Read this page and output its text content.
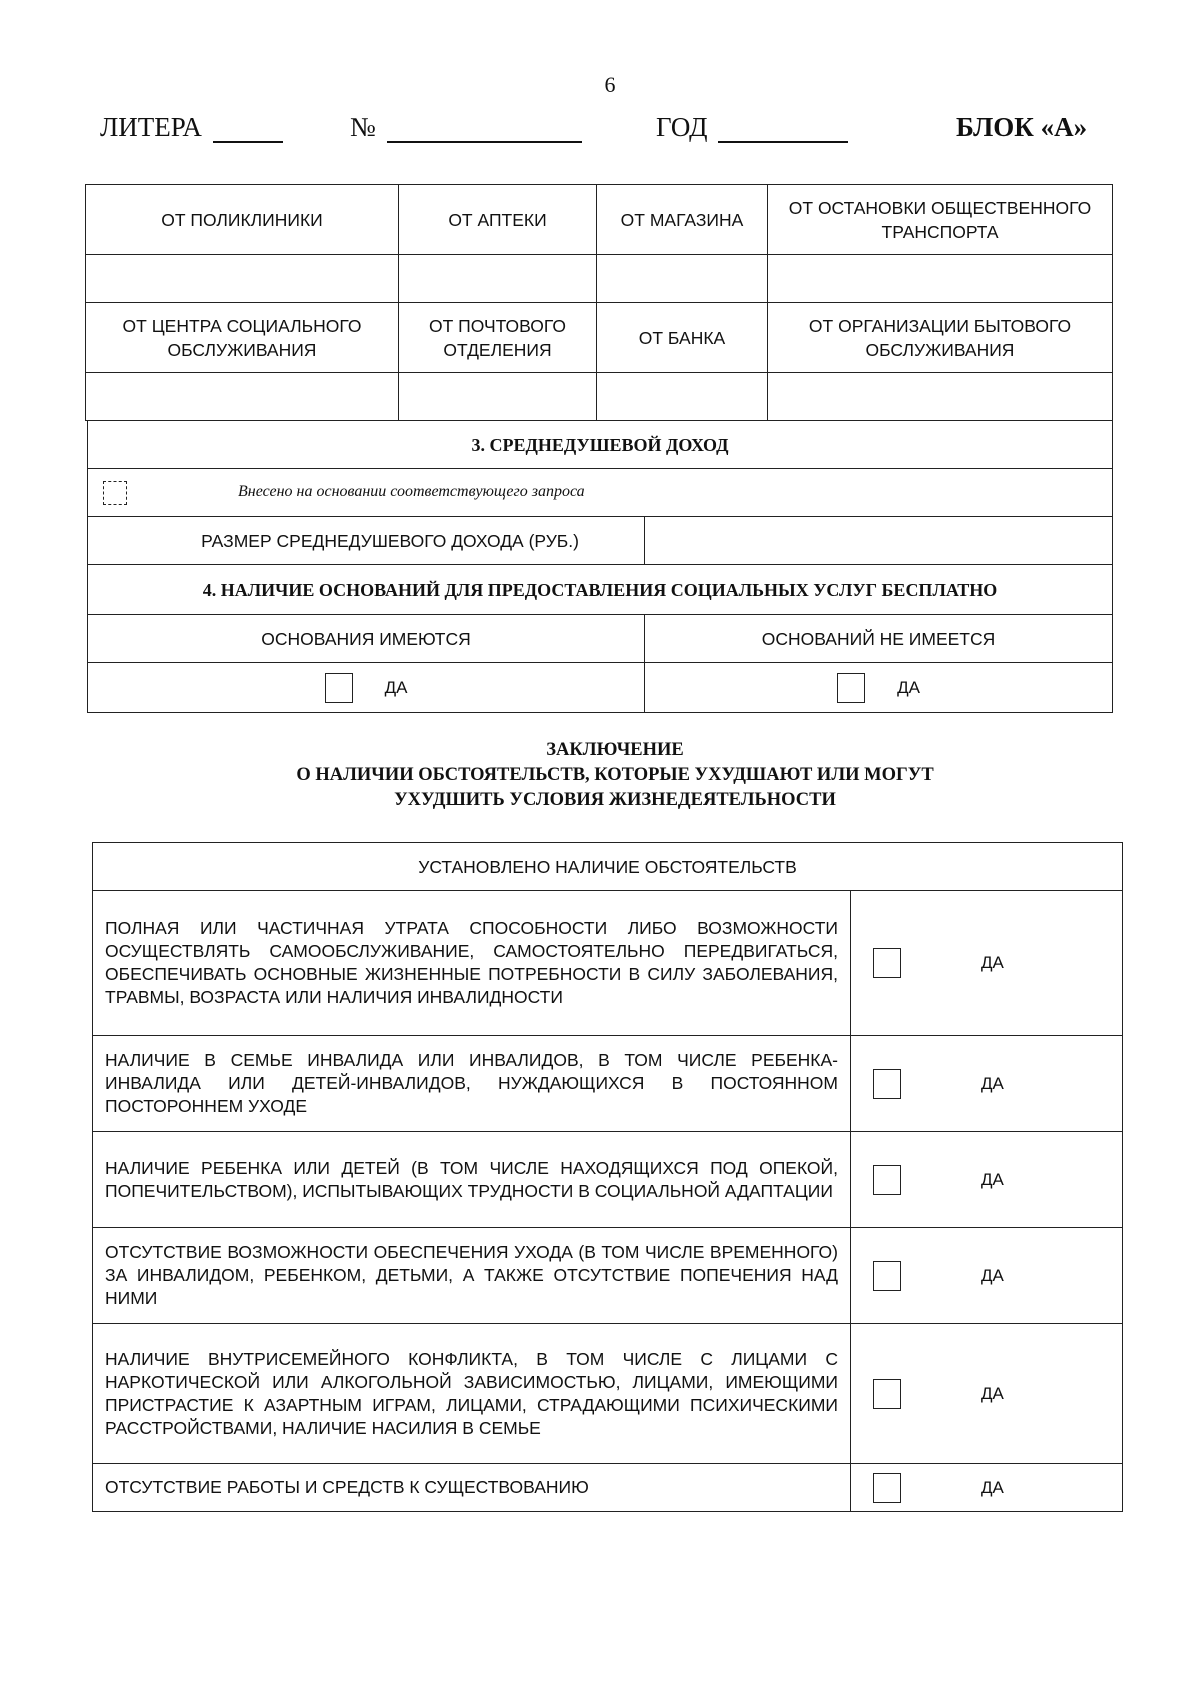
6
ЛИТЕРА	№	ГОД	БЛОК «А»
ОТ ПОЛИКЛИНИКИ	ОТ АПТЕКИ	ОТ МАГАЗИНА	ОТ ОСТАНОВКИ ОБЩЕСТВЕННОГО ТРАНСПОРТА

ОТ ЦЕНТРА СОЦИАЛЬНОГО ОБСЛУЖИВАНИЯ	ОТ ПОЧТОВОГО ОТДЕЛЕНИЯ	ОТ БАНКА	ОТ ОРГАНИЗАЦИИ БЫТОВОГО ОБСЛУЖИВАНИЯ

3. СРЕДНЕДУШЕВОЙ ДОХОД	
Внесено на основании соответствующего запроса	
РАЗМЕР СРЕДНЕДУШЕВОГО ДОХОДА (РУБ.)	
4. НАЛИЧИЕ ОСНОВАНИЙ ДЛЯ ПРЕДОСТАВЛЕНИЯ СОЦИАЛЬНЫХ УСЛУГ БЕСПЛАТНО	
ОСНОВАНИЯ ИМЕЮТСЯ	ОСНОВАНИЙ НЕ ИМЕЕТСЯ
ДА	ДА
ЗАКЛЮЧЕНИЕ
О НАЛИЧИИ ОБСТОЯТЕЛЬСТВ, КОТОРЫЕ УХУДШАЮТ ИЛИ МОГУТ
УХУДШИТЬ УСЛОВИЯ ЖИЗНЕДЕЯТЕЛЬНОСТИ
УСТАНОВЛЕНО НАЛИЧИЕ ОБСТОЯТЕЛЬСТВ	
ПОЛНАЯ ИЛИ ЧАСТИЧНАЯ УТРАТА СПОСОБНОСТИ ЛИБО ВОЗМОЖНОСТИ ОСУЩЕСТВЛЯТЬ САМООБСЛУЖИВАНИЕ, САМОСТОЯТЕЛЬНО ПЕРЕДВИГАТЬСЯ, ОБЕСПЕЧИВАТЬ ОСНОВНЫЕ ЖИЗНЕННЫЕ ПОТРЕБНОСТИ В СИЛУ ЗАБОЛЕВАНИЯ, ТРАВМЫ, ВОЗРАСТА ИЛИ НАЛИЧИЯ ИНВАЛИДНОСТИ	ДА
НАЛИЧИЕ В СЕМЬЕ ИНВАЛИДА ИЛИ ИНВАЛИДОВ, В ТОМ ЧИСЛЕ РЕБЕНКА-ИНВАЛИДА ИЛИ ДЕТЕЙ-ИНВАЛИДОВ, НУЖДАЮЩИХСЯ В ПОСТОЯННОМ ПОСТОРОННЕМ УХОДЕ	ДА
НАЛИЧИЕ РЕБЕНКА ИЛИ ДЕТЕЙ (В ТОМ ЧИСЛЕ НАХОДЯЩИХСЯ ПОД ОПЕКОЙ, ПОПЕЧИТЕЛЬСТВОМ), ИСПЫТЫВАЮЩИХ ТРУДНОСТИ В СОЦИАЛЬНОЙ АДАПТАЦИИ	ДА
ОТСУТСТВИЕ ВОЗМОЖНОСТИ ОБЕСПЕЧЕНИЯ УХОДА (В ТОМ ЧИСЛЕ ВРЕМЕННОГО) ЗА ИНВАЛИДОМ, РЕБЕНКОМ, ДЕТЬМИ, А ТАКЖЕ ОТСУТСТВИЕ ПОПЕЧЕНИЯ НАД НИМИ	ДА
НАЛИЧИЕ ВНУТРИСЕМЕЙНОГО КОНФЛИКТА, В ТОМ ЧИСЛЕ С ЛИЦАМИ С НАРКОТИЧЕСКОЙ ИЛИ АЛКОГОЛЬНОЙ ЗАВИСИМОСТЬЮ, ЛИЦАМИ, ИМЕЮЩИМИ ПРИСТРАСТИЕ К АЗАРТНЫМ ИГРАМ, ЛИЦАМИ, СТРАДАЮЩИМИ ПСИХИЧЕСКИМИ РАССТРОЙСТВАМИ, НАЛИЧИЕ НАСИЛИЯ В СЕМЬЕ	ДА
ОТСУТСТВИЕ РАБОТЫ И СРЕДСТВ К СУЩЕСТВОВАНИЮ	ДА
